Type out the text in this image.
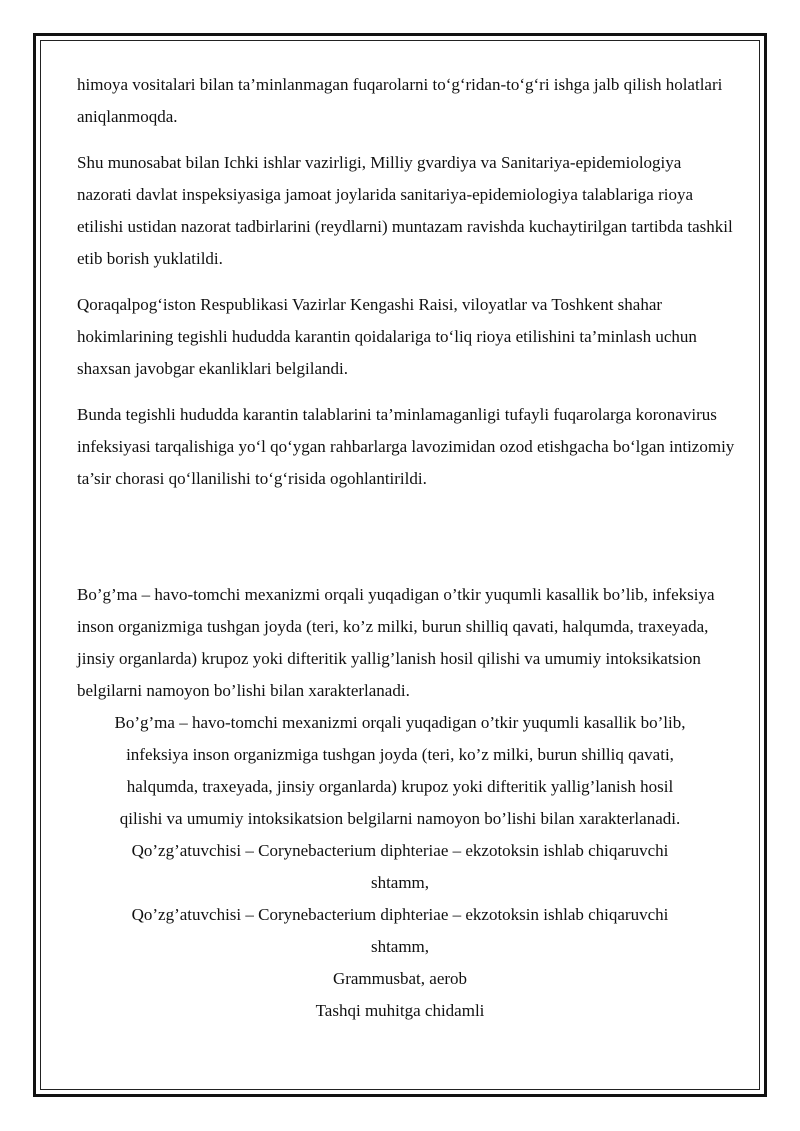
himoya vositalari bilan ta’minlanmagan fuqarolarni to‘g‘ridan-to‘g‘ri ishga jalb qilish holatlari aniqlanmoqda.

Shu munosabat bilan Ichki ishlar vazirligi, Milliy gvardiya va Sanitariya-epidemiologiya nazorati davlat inspeksiyasiga jamoat joylarida sanitariya-epidemiologiya talablariga rioya etilishi ustidan nazorat tadbirlarini (reydlarni) muntazam ravishda kuchaytirilgan tartibda tashkil etib borish yuklatildi.

Qoraqalpog‘iston Respublikasi Vazirlar Kengashi Raisi, viloyatlar va Toshkent shahar hokimlarining tegishli hududda karantin qoidalariga to‘liq rioya etilishini ta’minlash uchun shaxsan javobgar ekanliklari belgilandi.

Bunda tegishli hududda karantin talablarini ta’minlamaganligi tufayli fuqarolarga koronavirus infeksiyasi tarqalishiga yo‘l qo‘ygan rahbarlarga lavozimidan ozod etishgacha bo‘lgan intizomiy ta’sir chorasi qo‘llanilishi to‘g‘risida ogohlantirildi.

Bo’g’ma – havo-tomchi mexanizmi orqali yuqadigan o’tkir yuqumli kasallik bo’lib, infeksiya inson organizmiga tushgan joyda (teri, ko’z milki, burun shilliq qavati, halqumda, traxeyada, jinsiy organlarda) krupoz yoki difteritik yallig’lanish hosil qilishi va umumiy intoksikatsion belgilarni namoyon bo’lishi bilan xarakterlanadi.

Bo’g’ma – havo-tomchi mexanizmi orqali yuqadigan o’tkir yuqumli kasallik bo’lib,

infeksiya inson organizmiga tushgan joyda (teri, ko’z milki, burun shilliq qavati,

halqumda, traxeyada, jinsiy organlarda) krupoz yoki difteritik yallig’lanish hosil

qilishi va umumiy intoksikatsion belgilarni namoyon bo’lishi bilan xarakterlanadi.

Qo’zg’atuvchisi – Corynebacterium diphteriae – ekzotoksin ishlab chiqaruvchi

shtamm,

Qo’zg’atuvchisi – Corynebacterium diphteriae – ekzotoksin ishlab chiqaruvchi

shtamm,

Grammusbat, aerob

Tashqi muhitga chidamli
